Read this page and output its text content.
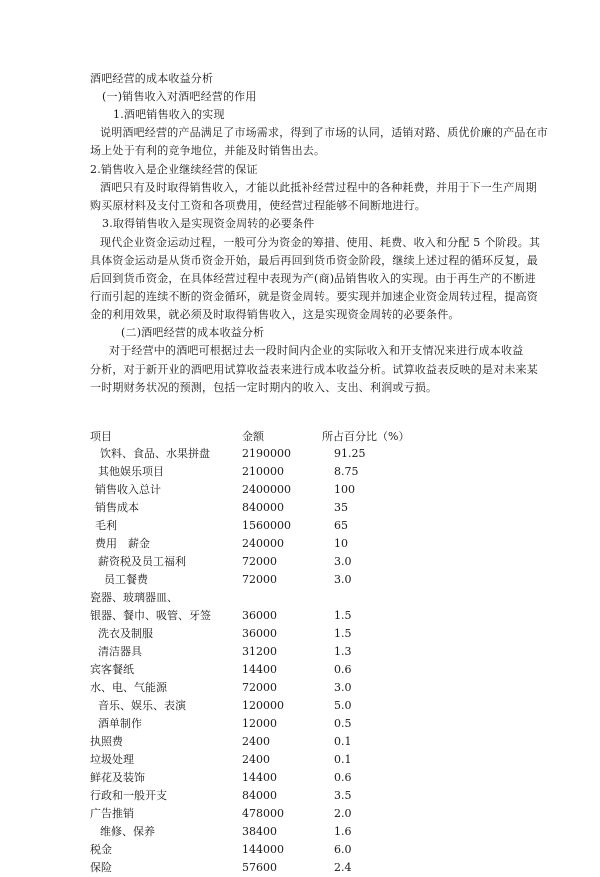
酒吧经营的成本收益分析
(一)销售收入对酒吧经营的作用
1.酒吧销售收入的实现
说明酒吧经营的产品满足了市场需求，得到了市场的认同，适销对路、质优价廉的产品在市
场上处于有利的竞争地位，并能及时销售出去。
2.销售收入是企业继续经营的保证
酒吧只有及时取得销售收入，才能以此抵补经营过程中的各种耗费，并用于下一生产周期
购买原材料及支付工资和各项费用，使经营过程能够不间断地进行。
3.取得销售收入是实现资金周转的必要条件
现代企业资金运动过程，一般可分为资金的筹措、使用、耗费、收入和分配 5 个阶段。其
具体资金运动是从货币资金开始，最后再回到货币资金阶段，继续上述过程的循环反复，最
后回到货币资金，在具体经营过程中表现为产(商)品销售收入的实现。由于再生产的不断进
行而引起的连续不断的资金循环，就是资金周转。要实现并加速企业资金周转过程，提高资
金的利用效果，就必须及时取得销售收入，这是实现资金周转的必要条件。
(二)酒吧经营的成本收益分析
对于经营中的酒吧可根据过去一段时间内企业的实际收入和开支情况来进行成本收益
分析，对于新开业的酒吧用试算收益表来进行成本收益分析。试算收益表反映的是对未来某
一时期财务状况的预测，包括一定时期内的收入、支出、利润或亏损。
项目	金额	所占百分比（%）
饮料、食品、水果拼盘	2190000	91.25
其他娱乐项目	210000	8.75
销售收入总计	2400000	100
销售成本	840000	35
毛利	1560000	65
费用　薪金	240000	10
薪资税及员工福利	72000	3.0
员工餐费	72000	3.0
瓷器、玻璃器皿、
银器、餐巾、吸管、牙签	36000	1.5
洗衣及制服	36000	1.5
清洁器具	31200	1.3
宾客餐纸	14400	0.6
水、电、气能源	72000	3.0
音乐、娱乐、表演	120000	5.0
酒单制作	12000	0.5
执照费	2400	0.1
垃圾处理	2400	0.1
鲜花及装饰	14400	0.6
行政和一般开支	84000	3.5
广告推销	478000	2.0
维修、保养	38400	1.6
税金	144000	6.0
保险	57600	2.4
